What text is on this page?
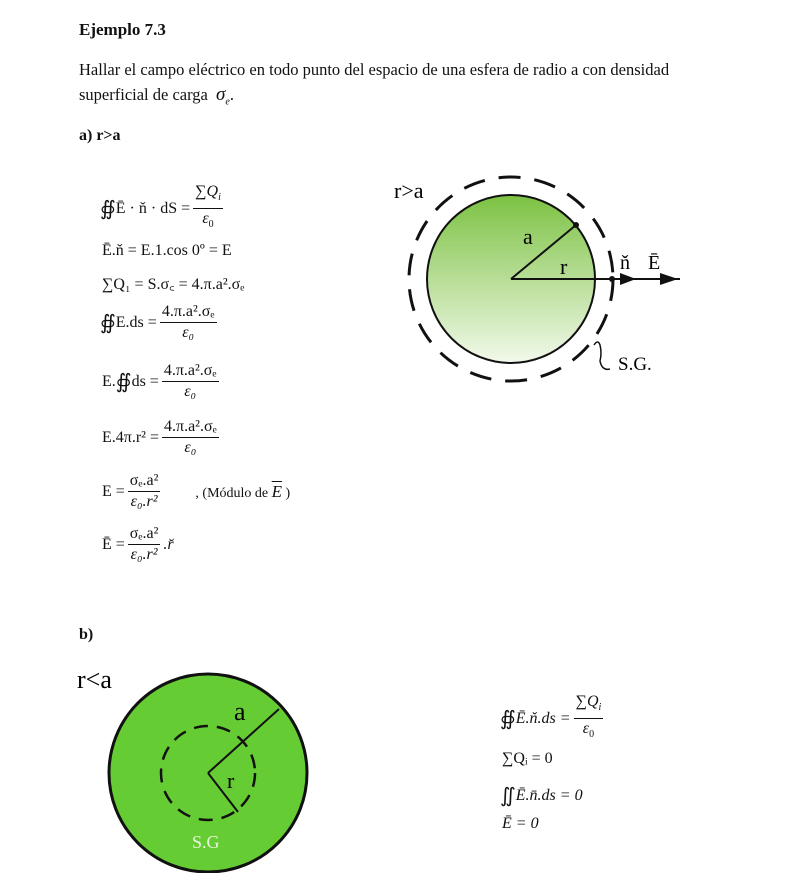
Ejemplo 7.3
Hallar el campo eléctrico en todo punto del espacio de una esfera de radio a con densidad
superficial de carga $\sigma_e$.
a) r>a
∯ Ē · ň · dS = $\frac{\sum Q_i}{\varepsilon_0}$
Ē.ň = E.1.cos 0º = E
∑Q₁ = S.σ꜀ = 4.π.a².σₑ
∯ $E.ds = \frac{\text{4.π.a².σₑ}}{\text{ε₀}}$
E. ∯ ds = $\frac{\text{4.π.a².σₑ}}{\text{ε₀}}$
$E.4\pi.r^2 = \frac{\text{4.π.a².σₑ}}{\text{ε₀}}$
$E = \frac{\text{σₑ.a²}}{\text{ε₀.r²}}$	, (Módulo de $\overline{E}$ )
Ē = $\frac{\text{σₑ.a²}}{\text{ε₀.r²}}$ .r̆
r>a
a
r	ň Ē
S.G.
b)
r<a
a
r
S.G
∯ Ē.ň.ds = $\frac{\sum Q_i}{\varepsilon_0}$
∑Qᵢ = 0
∬ Ē.n̄.ds = 0
Ē = 0
